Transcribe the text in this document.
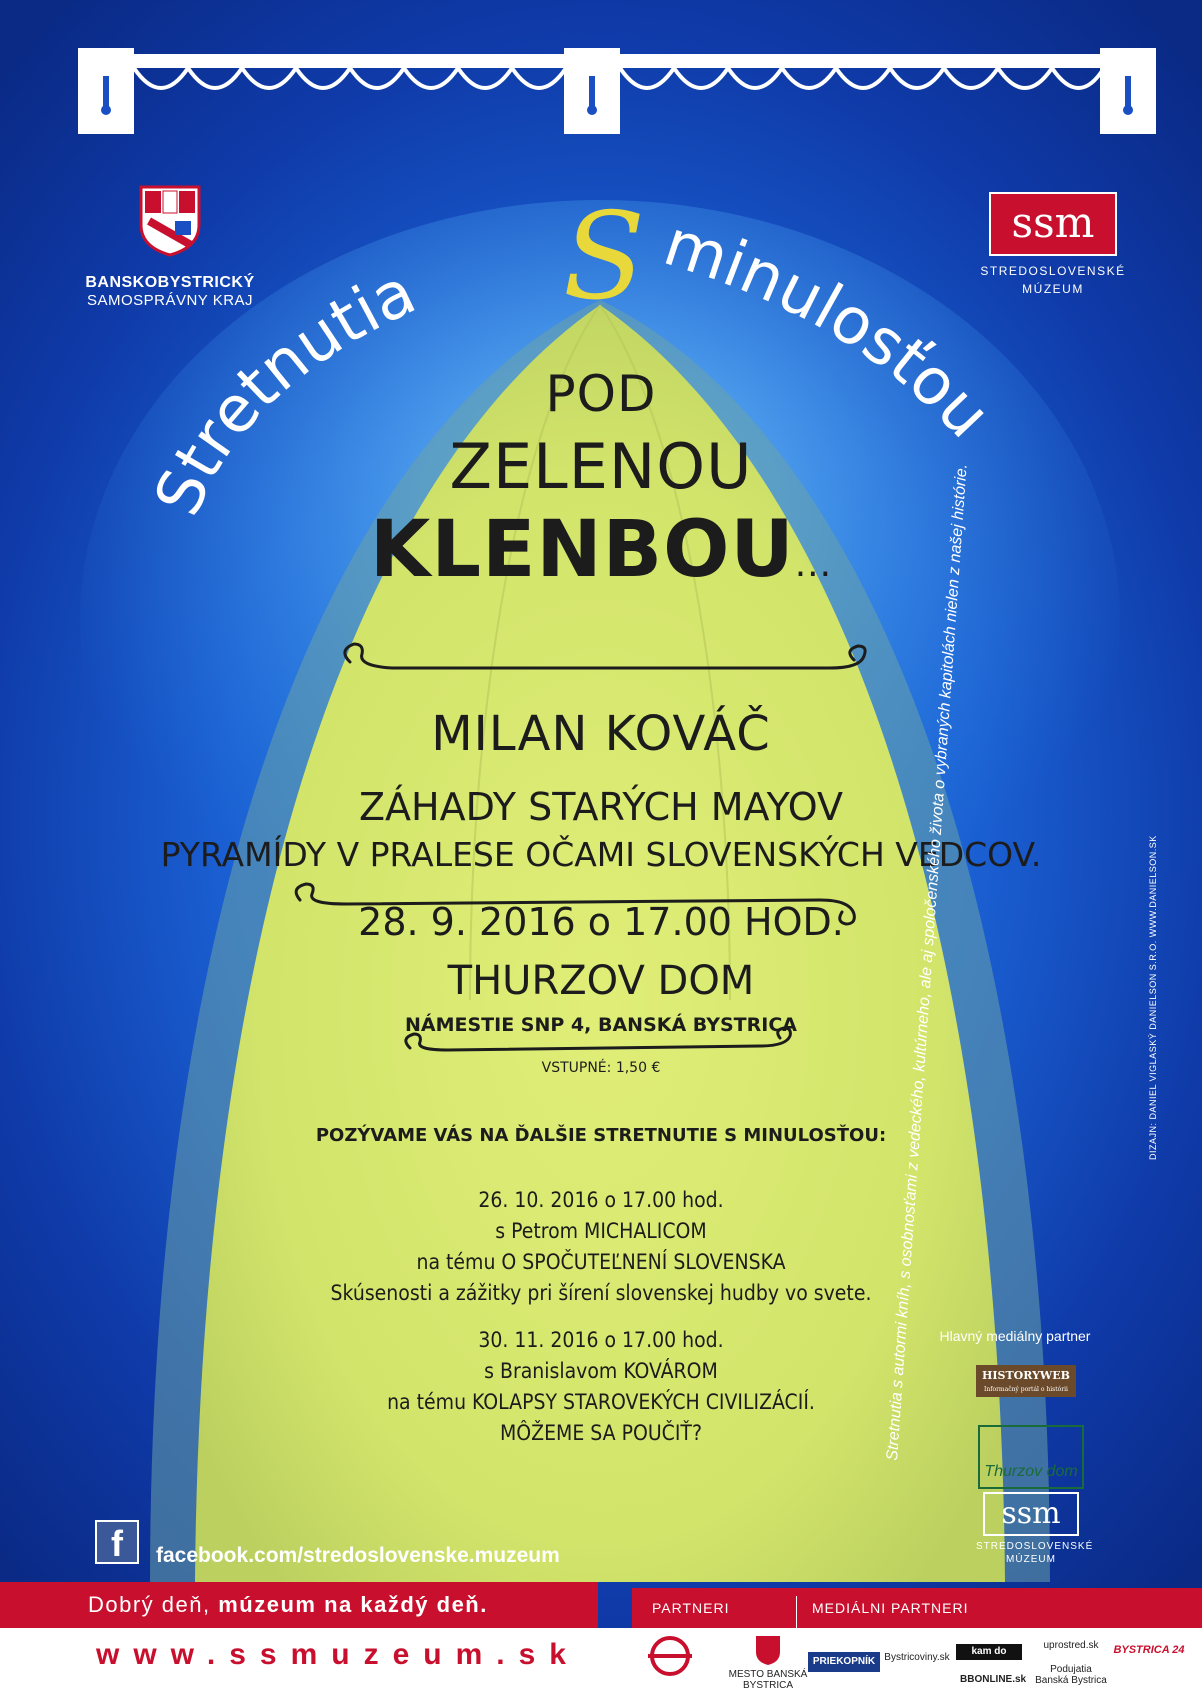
BANSKOBYSTRICKÝ
SAMOSPRÁVNY KRAJ
ssm
STREDOSLOVENSKÉ
MÚZEUM
Stretnutia S minulosťou
POD
ZELENOU
KLENBOU...
MILAN KOVÁČ
ZÁHADY STARÝCH MAYOV
PYRAMÍDY V PRALESE OČAMI SLOVENSKÝCH VEDCOV.
28. 9. 2016 o 17.00 HOD.
THURZOV DOM
NÁMESTIE SNP 4, BANSKÁ BYSTRICA
VSTUPNÉ: 1,50 €
POZÝVAME VÁS NA ĎALŠIE STRETNUTIE S MINULOSŤOU:
26. 10. 2016 o 17.00 hod.
s Petrom MICHALICOM
na tému O SPOČUTEĽNENÍ SLOVENSKA
Skúsenosti a zážitky pri šírení slovenskej hudby vo svete.
30. 11. 2016 o 17.00 hod.
s Branislavom KOVÁROM
na tému KOLAPSY STAROVEKÝCH CIVILIZÁCIÍ.
MÔŽEME SA POUČIŤ?
DIZAJN: DANIEL VIGLASKÝ DANIELSON S.R.O. WWW.DANIELSON.SK
Hlavný mediálny partner
HISTORYWEB
Informačný portál o histórii
Thurzov dom
ssm
STREDOSLOVENSKÉ
MÚZEUM
f	facebook.com/stredoslovenske.muzeum
Dobrý deň, múzeum na každý deň.
www.ssmuzeum.sk
PARTNERI	MEDIÁLNI PARTNERI
MESTO BANSKÁ BYSTRICA
PRIEKOPNÍK Bystricoviny.sk
kam do mesta
BBONLINE.sk
uprostred.sk
Podujatia Banská Bystrica
BYSTRICA 24
